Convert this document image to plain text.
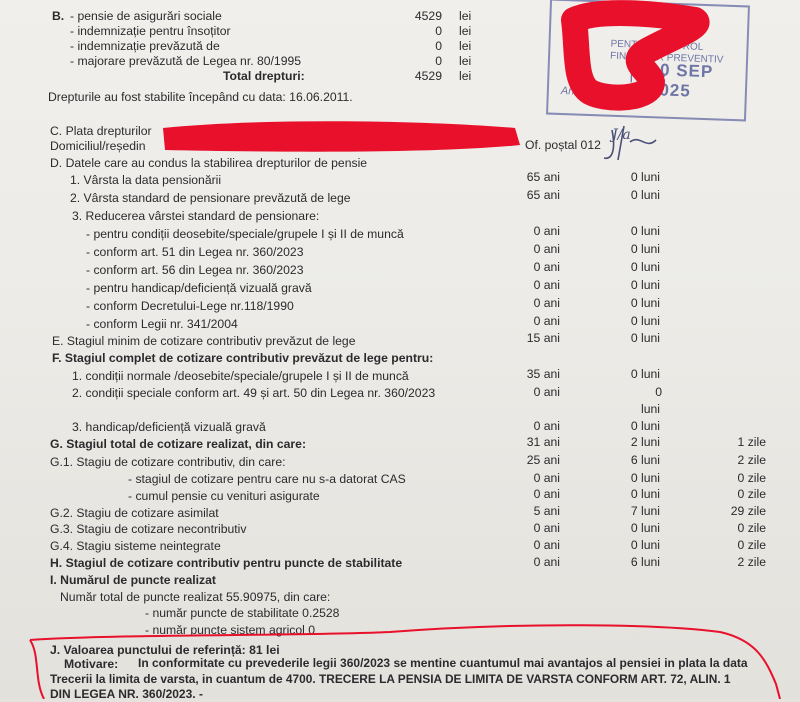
CASA
PENTRU CONTROL
FINANCIAR PREVENTIV
10 SEP 2025
NR 3
An...
B. - pensie de asigurări sociale	4529 lei
- indemnizație pentru însoțitor	0 lei
- indemnizație prevăzută de	0 lei
- majorare prevăzută de Legea nr. 80/1995	0 lei
Total drepturi:	4529 lei
Drepturile au fost stabilite începând cu data: 16.06.2011.
C. Plata drepturilor
Domiciliul/reședin	Of. poștal 012
D. Datele care au condus la stabilirea drepturilor de pensie
1. Vârsta la data pensionării	65 ani	0 luni
2. Vârsta standard de pensionare prevăzută de lege	65 ani	0 luni
3. Reducerea vârstei standard de pensionare:
- pentru condiții deosebite/speciale/grupele I și II de muncă	0 ani	0 luni
- conform art. 51 din Legea nr. 360/2023	0 ani	0 luni
- conform art. 56 din Legea nr. 360/2023	0 ani	0 luni
- pentru handicap/deficiență vizuală gravă	0 ani	0 luni
- conform Decretului-Lege nr.118/1990	0 ani	0 luni
- conform Legii nr. 341/2004	0 ani	0 luni
E. Stagiul minim de cotizare contributiv prevăzut de lege	15 ani	0 luni
F. Stagiul complet de cotizare contributiv prevăzut de lege pentru:
1. condiții normale /deosebite/speciale/grupele I și II de muncă	35 ani	0 luni
2. condiții speciale conform art. 49 și art. 50 din Legea nr. 360/2023	0 ani	0
luni
3. handicap/deficiență vizuală gravă	0 ani	0 luni
G. Stagiul total de cotizare realizat, din care:	31 ani	2 luni	1 zile
G.1. Stagiu de cotizare contributiv, din care:	25 ani	6 luni	2 zile
- stagiul de cotizare pentru care nu s-a datorat CAS	0 ani	0 luni	0 zile
- cumul pensie cu venituri asigurate	0 ani	0 luni	0 zile
G.2. Stagiu de cotizare asimilat	5 ani	7 luni	29 zile
G.3. Stagiu de cotizare necontributiv	0 ani	0 luni	0 zile
G.4. Stagiu sisteme neintegrate	0 ani	0 luni	0 zile
H. Stagiul de cotizare contributiv pentru puncte de stabilitate	0 ani	6 luni	2 zile
I. Numărul de puncte realizat
Număr total de puncte realizat 55.90975, din care:
- număr puncte de stabilitate 0.2528
- număr puncte sistem agricol 0
J. Valoarea punctului de referință: 81 lei
Motivare: In conformitate cu prevederile legii 360/2023 se mentine cuantumul mai avantajos al pensiei in plata la data
Trecerii la limita de varsta, in cuantum de 4700. TRECERE LA PENSIA DE LIMITA DE VARSTA CONFORM ART. 72, ALIN. 1
DIN LEGEA NR. 360/2023. -
J/a
